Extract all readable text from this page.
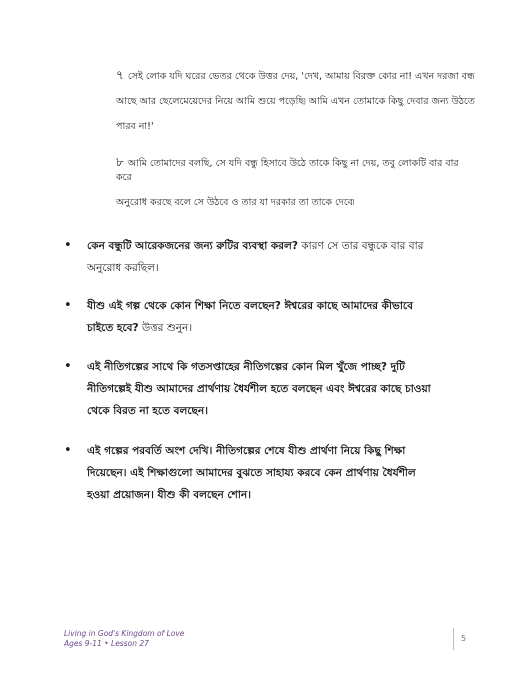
৭ সেই লোক যদি ঘরের ভেতর থেকে উত্তর দেয়, 'দেখ, আমায় বিরক্ত কোর না! এখন দরজা বন্ধ
আছে আর ছেলেমেয়েদের নিয়ে আমি শুয়ে পড়েছি৷ আমি এখন তোমাকে কিছু দেবার জন্য উঠতে
পারব না!'
৮ আমি তোমাদের বলছি, সে যদি বন্ধু হিসাবে উঠে তাকে কিছু না দেয়, তবু লোকটি বার বার করে
অনুরোধ করছে বলে সে উঠবে ও তার যা দরকার তা তাকে দেবে৷
• কেন বন্ধুটি আরেকজনের জন্য রুটির ব্যবস্থা করল? কারণ সে তার বন্ধুকে বার বার
অনুরোধ করছিল।
• যীশু এই গল্প থেকে কোন শিক্ষা নিতে বলছেন? ঈশ্বরের কাছে আমাদের কীভাবে
চাইতে হবে? উত্তর শুনুন।
• এই নীতিগল্পের সাথে কি গতসপ্তাহের নীতিগল্পের কোন মিল খুঁজে পাচ্ছ? দুটি
নীতিগল্পেই যীশু আমাদের প্রার্থণায় ধৈর্যশীল হতে বলছেন এবং ঈশ্বরের কাছে চাওয়া
থেকে বিরত না হতে বলছেন।
• এই গল্পের পরবর্তি অংশ দেখি। নীতিগল্পের শেষে যীশু প্রার্থণা নিয়ে কিছু শিক্ষা
দিয়েছেন। এই শিক্ষাগুলো আমাদের বুঝতে সাহায্য করবে কেন প্রার্থণায় ধৈর্যশীল
হওয়া প্রয়োজন। যীশু কী বলছেন শোন।
Living in God's Kingdom of Love
Ages 9-11 • Lesson 27
5
